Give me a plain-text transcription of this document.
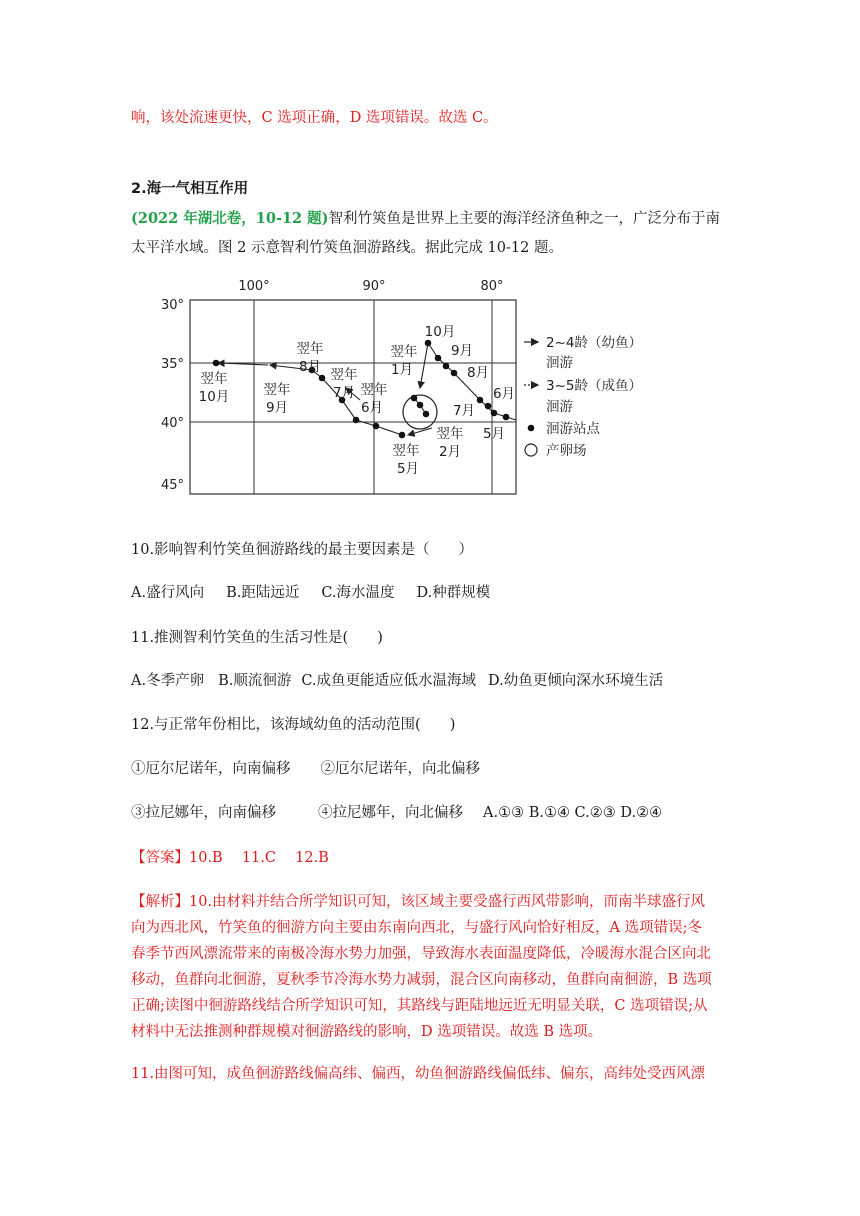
响，该处流速更快，C 选项正确，D 选项错误。故选 C。
2.海一气相互作用
(2022 年湖北卷，10-12 题)智利竹筴鱼是世界上主要的海洋经济鱼种之一，广泛分布于南
太平洋水域。图 2 示意智利竹筴鱼洄游路线。据此完成 10-12 题。
100°	90°	80°
30°
35°
40°
45°
翌年
10月	翌年
9月
翌年
8月 翌年
7月 翌年
6月
翌年
5月
翌年
1月
翌年
2月
10月
9月
8月
7月
6月
5月
2~4龄（幼鱼）
洄游
3~5龄（成鱼）
洄游
洄游站点
产卵场
10.影响智利竹笑鱼徊游路线的最主要因素是（　　）
A.盛行风向 B.距陆远近 C.海水温度 D.种群规模
11.推测智利竹笑鱼的生活习性是(　　)
A.冬季产卵 B.顺流徊游 C.成鱼更能适应低水温海域 D.幼鱼更倾向深水环境生活
12.与正常年份相比，该海域幼鱼的活动范围(　　)
①厄尔尼诺年，向南偏移 ②厄尔尼诺年，向北偏移
③拉尼娜年，向南偏移	④拉尼娜年，向北偏移 A.①③ B.①④ C.②③ D.②④
【答案】10.B　 11.C　 12.B
【解析】10.由材料并结合所学知识可知，该区域主要受盛行西风带影响，而南半球盛行风
向为西北风，竹笑鱼的徊游方向主要由东南向西北，与盛行风向恰好相反，A 选项错误;冬
春季节西风漂流带来的南极冷海水势力加强，导致海水表面温度降低，冷暖海水混合区向北
移动，鱼群向北徊游，夏秋季节冷海水势力减弱，混合区向南移动，鱼群向南徊游，B 选项
正确;读图中徊游路线结合所学知识可知，其路线与距陆地远近无明显关联，C 选项错误;从
材料中无法推测种群规模对徊游路线的影响，D 选项错误。故选 B 选项。
11.由图可知，成鱼徊游路线偏高纬、偏西，幼鱼徊游路线偏低纬、偏东，高纬处受西风漂
